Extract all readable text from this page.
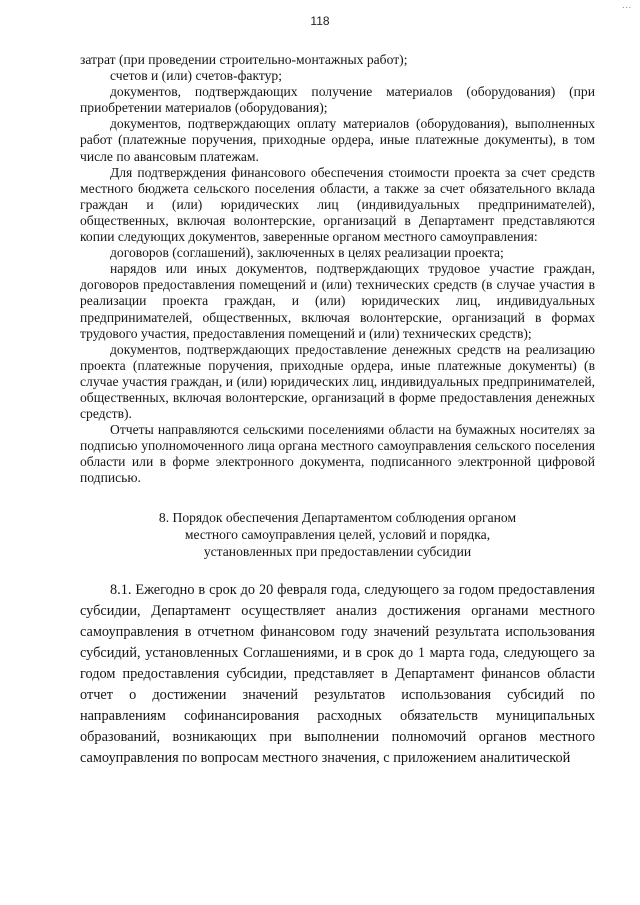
...
118

затрат (при проведении строительно-монтажных работ);

счетов и (или) счетов-фактур;

документов, подтверждающих получение материалов (оборудования) (при приобретении материалов (оборудования);

документов, подтверждающих оплату материалов (оборудования), выполненных работ (платежные поручения, приходные ордера, иные платежные документы), в том числе по авансовым платежам.

Для подтверждения финансового обеспечения стоимости проекта за счет средств местного бюджета сельского поселения области, а также за счет обязательного вклада граждан и (или) юридических лиц (индивидуальных предпринимателей), общественных, включая волонтерские, организаций в Департамент представляются копии следующих документов, заверенные органом местного самоуправления:

договоров (соглашений), заключенных в целях реализации проекта;

нарядов или иных документов, подтверждающих трудовое участие граждан, договоров предоставления помещений и (или) технических средств (в случае участия в реализации проекта граждан, и (или) юридических лиц, индивидуальных предпринимателей, общественных, включая волонтерские, организаций в формах трудового участия, предоставления помещений и (или) технических средств);

документов, подтверждающих предоставление денежных средств на реализацию проекта (платежные поручения, приходные ордера, иные платежные документы) (в случае участия граждан, и (или) юридических лиц, индивидуальных предпринимателей, общественных, включая волонтерские, организаций в форме предоставления денежных средств).

Отчеты направляются сельскими поселениями области на бумажных носителях за подписью уполномоченного лица органа местного самоуправления сельского поселения области или в форме электронного документа, подписанного электронной цифровой подписью.

8. Порядок обеспечения Департаментом соблюдения органом
местного самоуправления целей, условий и порядка,
установленных при предоставлении субсидии

8.1. Ежегодно в срок до 20 февраля года, следующего за годом предоставления субсидии, Департамент осуществляет анализ достижения органами местного самоуправления в отчетном финансовом году значений результата использования субсидий, установленных Соглашениями, и в срок до 1 марта года, следующего за годом предоставления субсидии, представляет в Департамент финансов области отчет о достижении значений результатов использования субсидий по направлениям софинансирования расходных обязательств муниципальных образований, возникающих при выполнении полномочий органов местного самоуправления по вопросам местного значения, с приложением аналитической
